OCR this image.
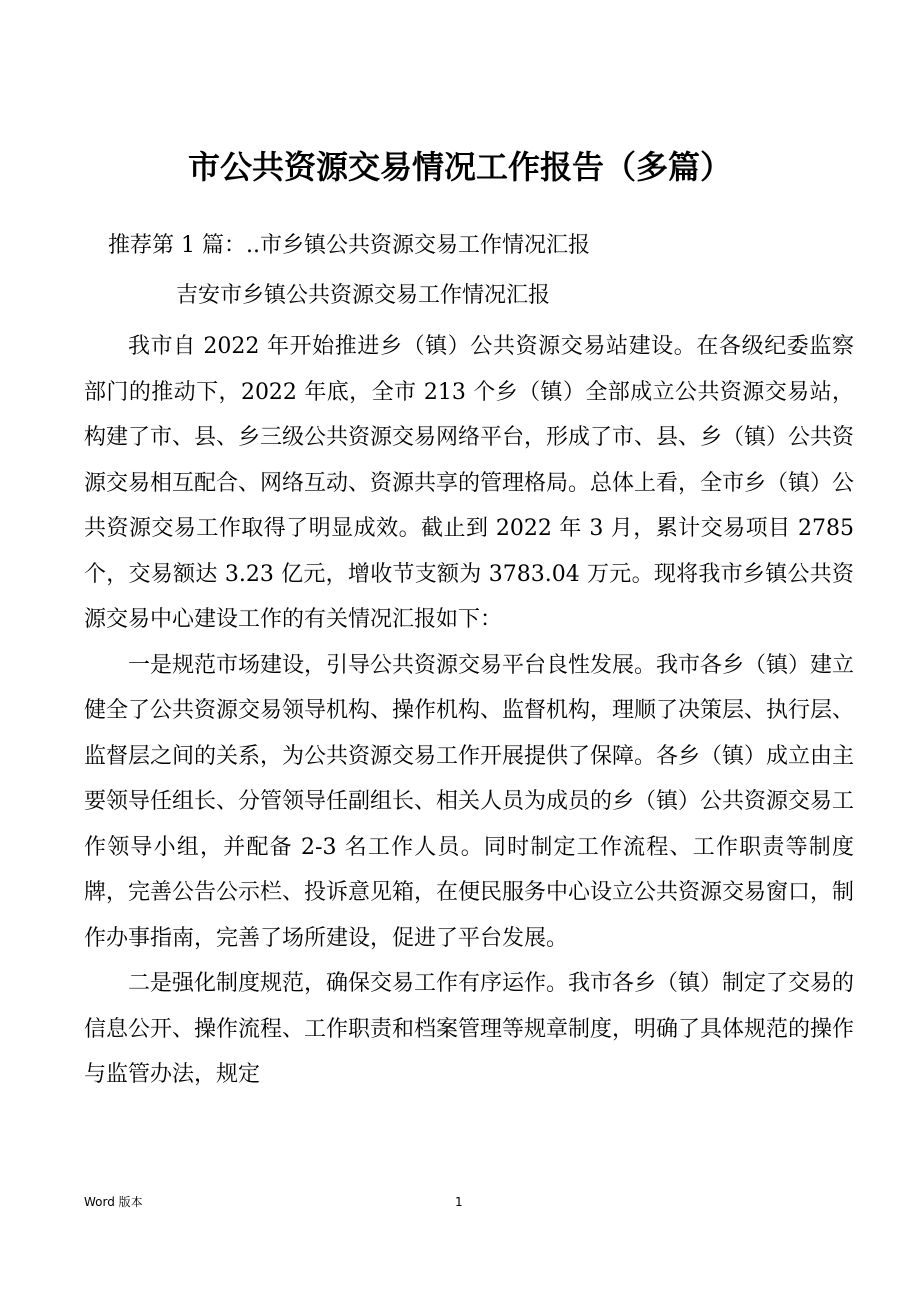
市公共资源交易情况工作报告（多篇）
推荐第 1 篇：..市乡镇公共资源交易工作情况汇报
吉安市乡镇公共资源交易工作情况汇报

我市自 2022 年开始推进乡（镇）公共资源交易站建设。在各级纪委监察部门的推动下，2022 年底，全市 213 个乡（镇）全部成立公共资源交易站，构建了市、县、乡三级公共资源交易网络平台，形成了市、县、乡（镇）公共资源交易相互配合、网络互动、资源共享的管理格局。总体上看，全市乡（镇）公共资源交易工作取得了明显成效。截止到 2022 年 3 月，累计交易项目 2785 个，交易额达 3.23 亿元，增收节支额为 3783.04 万元。现将我市乡镇公共资源交易中心建设工作的有关情况汇报如下：

一是规范市场建设，引导公共资源交易平台良性发展。我市各乡（镇）建立健全了公共资源交易领导机构、操作机构、监督机构，理顺了决策层、执行层、监督层之间的关系，为公共资源交易工作开展提供了保障。各乡（镇）成立由主要领导任组长、分管领导任副组长、相关人员为成员的乡（镇）公共资源交易工作领导小组，并配备 2-3 名工作人员。同时制定工作流程、工作职责等制度牌，完善公告公示栏、投诉意见箱，在便民服务中心设立公共资源交易窗口，制作办事指南，完善了场所建设，促进了平台发展。

二是强化制度规范，确保交易工作有序运作。我市各乡（镇）制定了交易的信息公开、操作流程、工作职责和档案管理等规章制度，明确了具体规范的操作与监管办法，规定

Word 版本	1
